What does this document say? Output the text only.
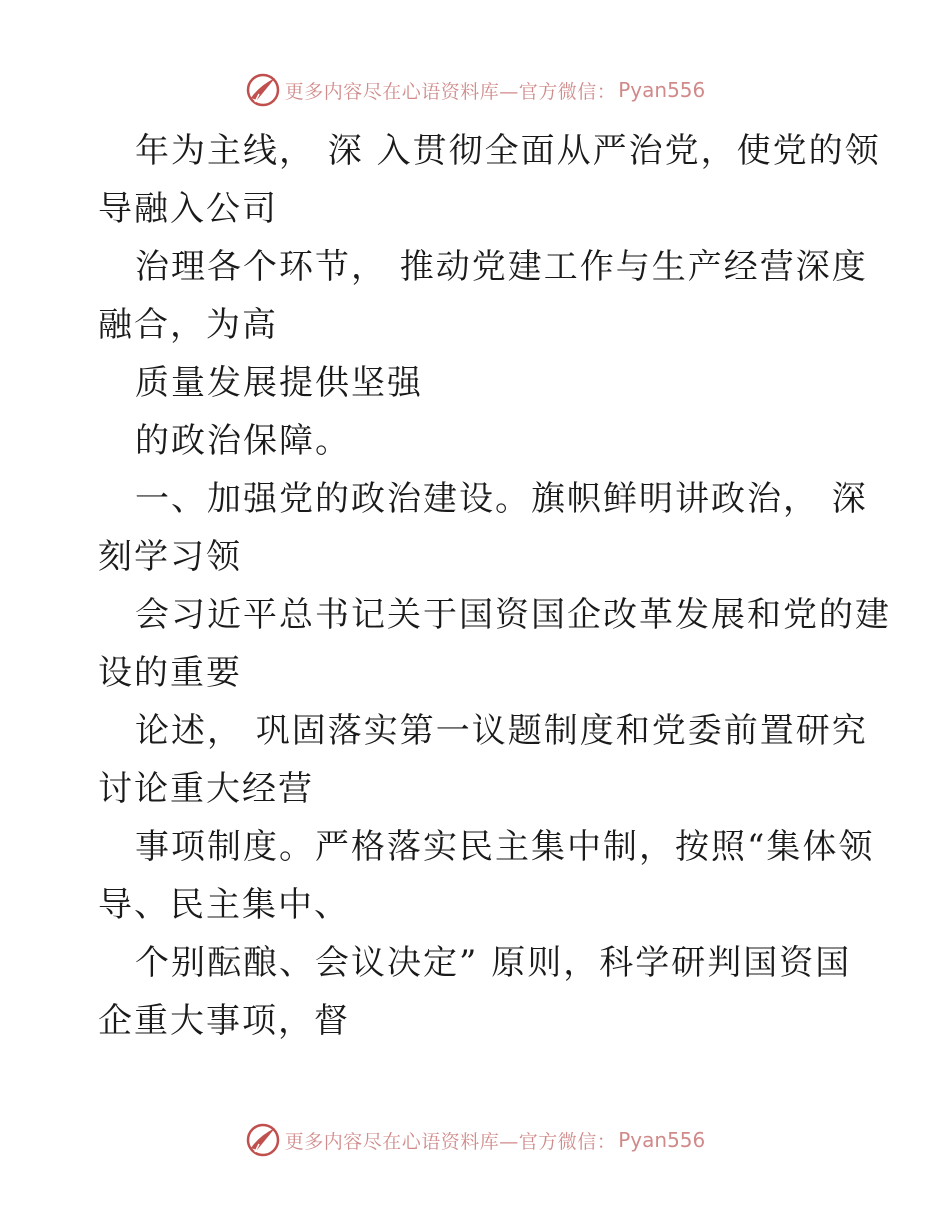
更多内容尽在心语资料库—官方微信： Pyan556
年为主线， 深 入贯彻全面从严治党，使党的领
导融入公司
治理各个环节， 推动党建工作与生产经营深度
融合，为高
质量发展提供坚强
的政治保障。
一、加强党的政治建设。旗帜鲜明讲政治， 深
刻学习领
会习近平总书记关于国资国企改革发展和党的建
设的重要
论述， 巩固落实第一议题制度和党委前置研究
讨论重大经营
事项制度。严格落实民主集中制，按照“集体领
导、民主集中、
个别酝酿、会议决定” 原则，科学研判国资国
企重大事项，督
更多内容尽在心语资料库—官方微信： Pyan556
